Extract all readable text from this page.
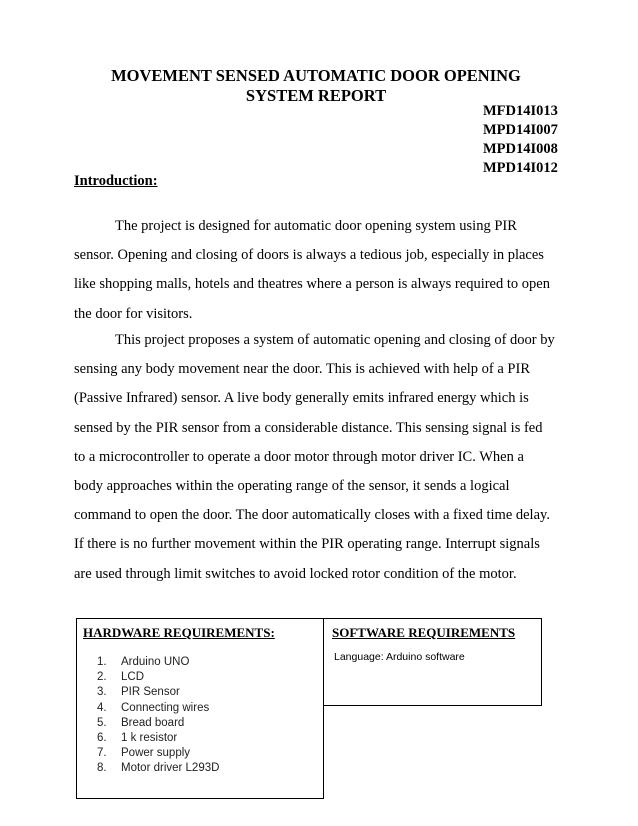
MOVEMENT SENSED AUTOMATIC DOOR OPENING
SYSTEM REPORT
MFD14I013
MPD14I007
MPD14I008
MPD14I012
Introduction:

The project is designed for automatic door opening system using PIR sensor. Opening and closing of doors is always a tedious job, especially in places like shopping malls, hotels and theatres where a person is always required to open the door for visitors.

This project proposes a system of automatic opening and closing of door by sensing any body movement near the door. This is achieved with help of a PIR (Passive Infrared) sensor. A live body generally emits infrared energy which is sensed by the PIR sensor from a considerable distance. This sensing signal is fed to a microcontroller to operate a door motor through motor driver IC. When a body approaches within the operating range of the sensor, it sends a logical command to open the door. The door automatically closes with a fixed time delay. If there is no further movement within the PIR operating range. Interrupt signals are used through limit switches to avoid locked rotor condition of the motor.

HARDWARE REQUIREMENTS:
1. Arduino UNO
2. LCD
3. PIR Sensor
4. Connecting wires
5. Bread board
6. 1 k resistor
7. Power supply
8. Motor driver L293D
SOFTWARE REQUIREMENTS
Language: Arduino software
